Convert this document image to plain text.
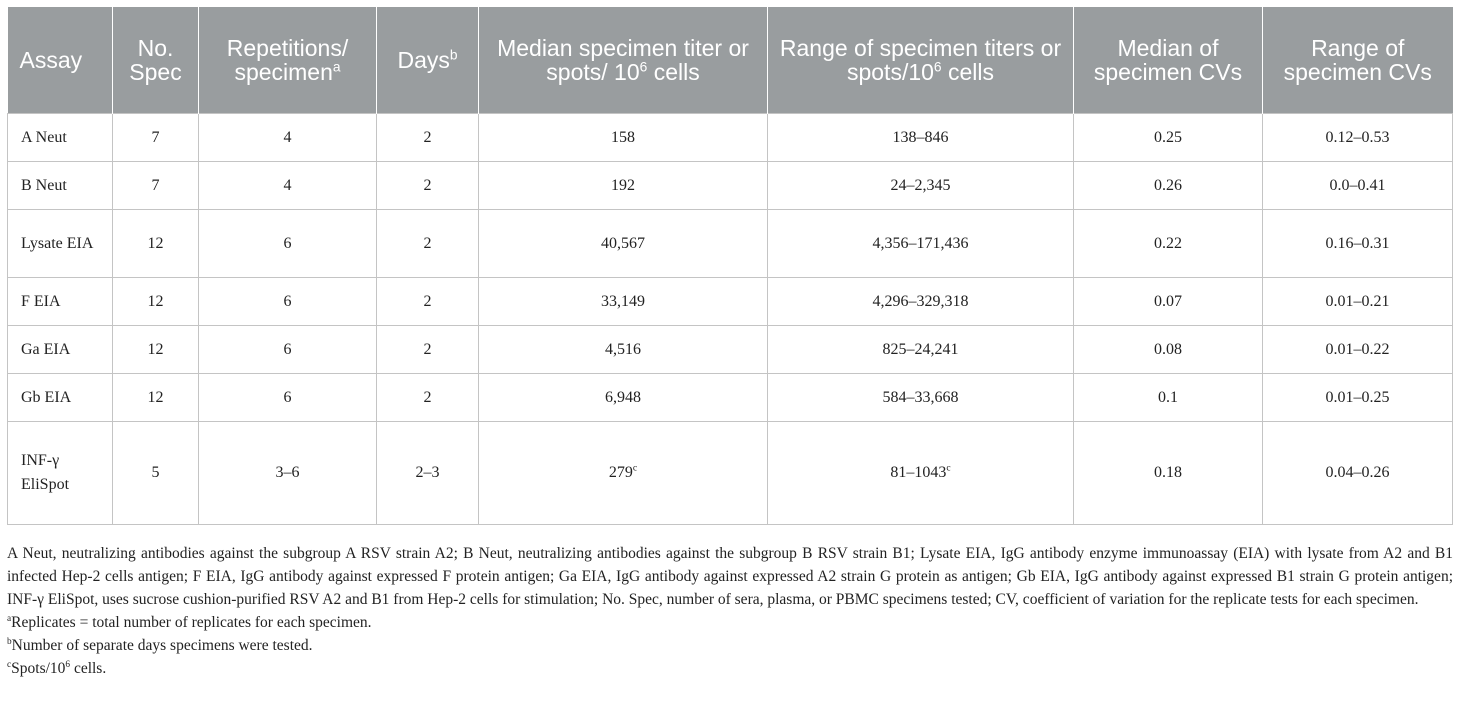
Assay	No. Spec	Repetitions/ specimen$^a$	Days$^b$	Median specimen titer or spots/ $10^6$ cells	Range of specimen titers or spots/$10^6$ cells	Median of specimen CVs	Range of specimen CVs
A Neut	7	4	2	158	138–846	0.25	0.12–0.53
B Neut	7	4	2	192	24–2,345	0.26	0.0–0.41
Lysate EIA	12	6	2	40,567	4,356–171,436	0.22	0.16–0.31
F EIA	12	6	2	33,149	4,296–329,318	0.07	0.01–0.21
Ga EIA	12	6	2	4,516	825–24,241	0.08	0.01–0.22
Gb EIA	12	6	2	6,948	584–33,668	0.1	0.01–0.25
INF-γ EliSpot	5	3–6	2–3	279$^c$	81–1043$^c$	0.18	0.04–0.26

A Neut, neutralizing antibodies against the subgroup A RSV strain A2; B Neut, neutralizing antibodies against the subgroup B RSV strain B1; Lysate EIA, IgG antibody enzyme immunoassay (EIA) with lysate from A2 and B1 infected Hep-2 cells antigen; F EIA, IgG antibody against expressed F protein antigen; Ga EIA, IgG antibody against expressed A2 strain G protein as antigen; Gb EIA, IgG antibody against expressed B1 strain G protein antigen; INF-γ EliSpot, uses sucrose cushion-purified RSV A2 and B1 from Hep-2 cells for stimulation; No. Spec, number of sera, plasma, or PBMC specimens tested; CV, coefficient of variation for the replicate tests for each specimen.

$^a$Replicates = total number of replicates for each specimen.

$^b$Number of separate days specimens were tested.

$^cSpots/10^6$ cells.
